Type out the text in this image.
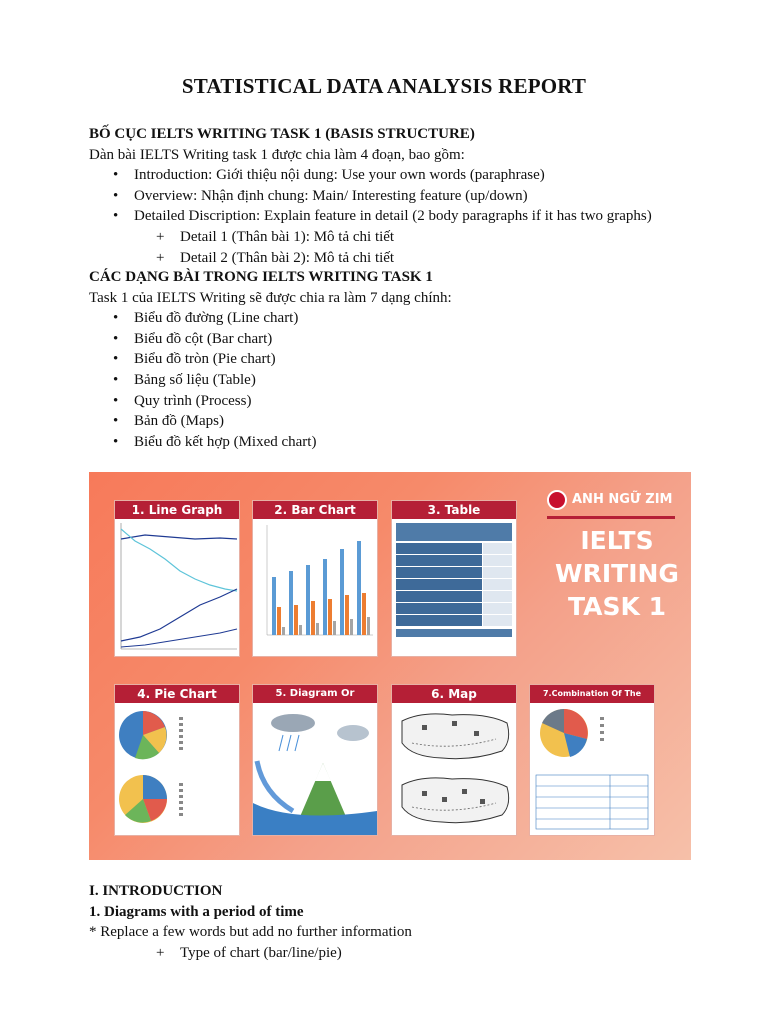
STATISTICAL DATA ANALYSIS REPORT
BỐ CỤC IELTS WRITING TASK 1 (BASIS STRUCTURE)
Dàn bài IELTS Writing task 1 được chia làm 4 đoạn, bao gồm:
• Introduction: Giới thiệu nội dung: Use your own words (paraphrase)
• Overview: Nhận định chung: Main/ Interesting feature (up/down)
• Detailed Discription: Explain feature in detail (2 body paragraphs if it has two graphs)
+ Detail 1 (Thân bài 1): Mô tả chi tiết
+ Detail 2 (Thân bài 2): Mô tả chi tiết
CÁC DẠNG BÀI TRONG IELTS WRITING TASK 1
Task 1 của IELTS Writing sẽ được chia ra làm 7 dạng chính:
• Biểu đồ đường (Line chart)
• Biểu đồ cột (Bar chart)
• Biểu đồ tròn (Pie chart)
• Bảng số liệu (Table)
• Quy trình (Process)
• Bản đồ (Maps)
• Biểu đồ kết hợp (Mixed chart)
1. Line Graph	2. Bar Chart	3. Table
ANH NGỮ ZIM
IELTS
WRITING
TASK 1
4. Pie Chart	5. Diagram Or	6. Map	7.Combination Of The Above
I. INTRODUCTION
1. Diagrams with a period of time
* Replace a few words but add no further information
+ Type of chart (bar/line/pie)
